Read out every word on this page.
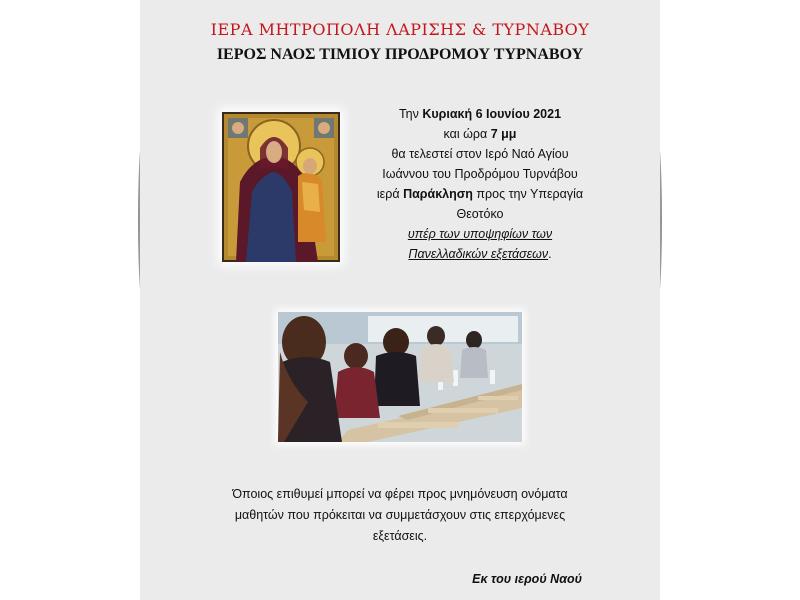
ΙΕΡΑ ΜΗΤΡΟΠΟΛΗ ΛΑΡΙΣΗΣ & ΤΥΡΝΑΒΟΥ
ΙΕΡΟΣ ΝΑΟΣ ΤΙΜΙΟΥ ΠΡΟΔΡΟΜΟΥ ΤΥΡΝΑΒΟΥ
Την Κυριακή 6 Ιουνίου 2021
και ώρα 7 μμ
θα τελεστεί στον Ιερό Ναό Αγίου
Ιωάννου του Προδρόμου Τυρνάβου
ιερά Παράκληση προς την Υπεραγία
Θεοτόκο
υπέρ των υποψηφίων των
Πανελλαδικών εξετάσεων.
Όποιος επιθυμεί μπορεί να φέρει προς μνημόνευση ονόματα
μαθητών που πρόκειται να συμμετάσχουν στις επερχόμενες
εξετάσεις.
Εκ του ιερού Ναού
